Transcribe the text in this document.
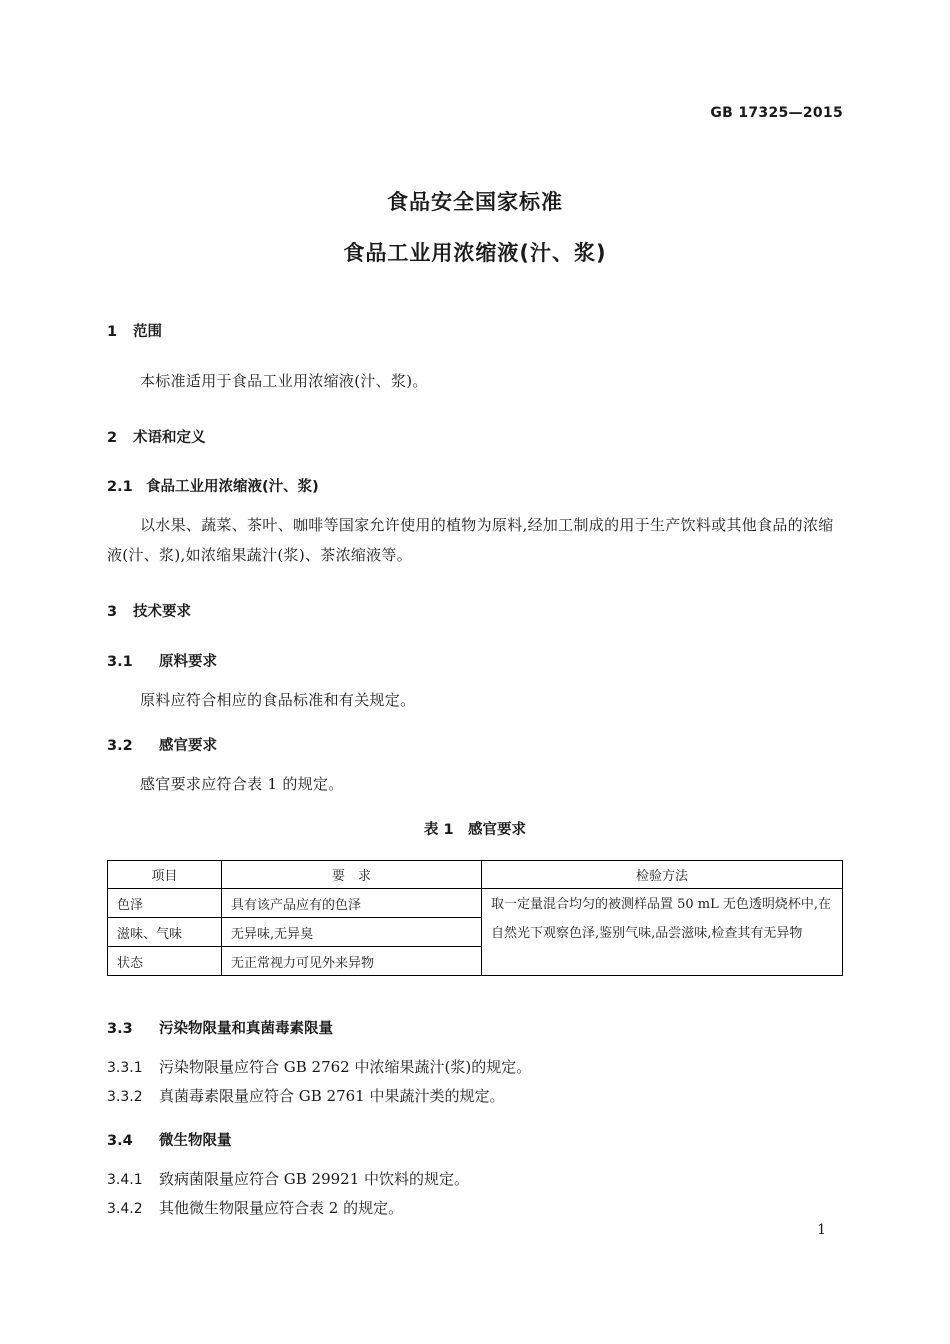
GB 17325—2015
食品安全国家标准
食品工业用浓缩液(汁、浆)
1 范围
本标准适用于食品工业用浓缩液(汁、浆)。
2 术语和定义
2.1 食品工业用浓缩液(汁、浆)
以水果、蔬菜、茶叶、咖啡等国家允许使用的植物为原料,经加工制成的用于生产饮料或其他食品的浓缩液(汁、浆),如浓缩果蔬汁(浆)、茶浓缩液等。
3 技术要求
3.1 原料要求
原料应符合相应的食品标准和有关规定。
3.2 感官要求
感官要求应符合表 1 的规定。
表 1　感官要求
项目	要　求	检验方法
色泽	具有该产品应有的色泽	取一定量混合均匀的被测样品置 50 mL 无色透明烧杯中,在自然光下观察色泽,鉴别气味,品尝滋味,检查其有无异物
滋味、气味	无异味,无异臭	
状态	无正常视力可见外来异物	
3.3 污染物限量和真菌毒素限量
3.3.1 污染物限量应符合 GB 2762 中浓缩果蔬汁(浆)的规定。
3.3.2 真菌毒素限量应符合 GB 2761 中果蔬汁类的规定。
3.4 微生物限量
3.4.1 致病菌限量应符合 GB 29921 中饮料的规定。
3.4.2 其他微生物限量应符合表 2 的规定。
1
